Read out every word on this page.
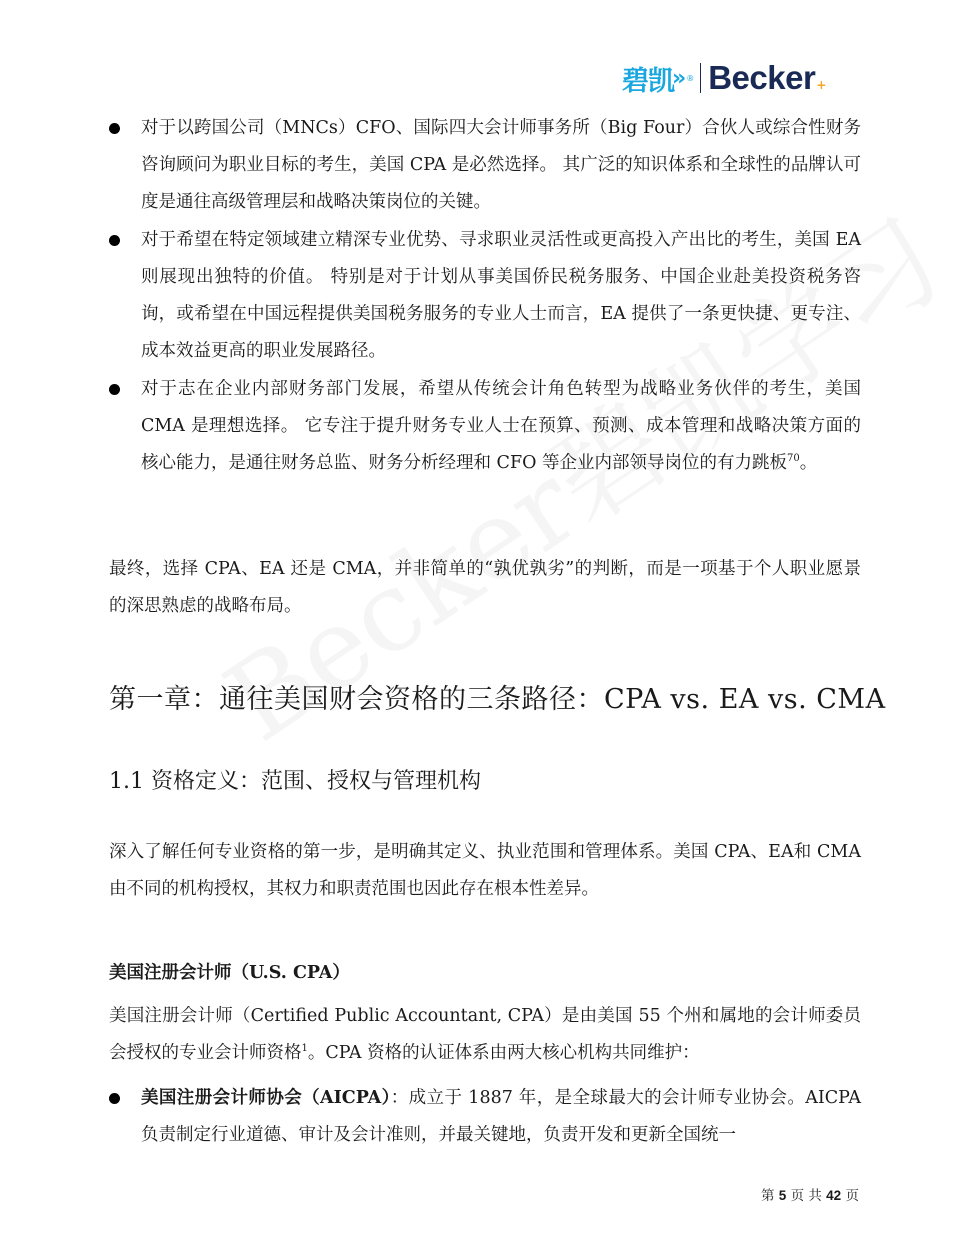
碧凯
» ® Becker +
对于以跨国公司（MNCs）CFO、国际四大会计师事务所（Big Four）合伙人或综合性财务咨询顾问为职业目标的考生，美国 CPA 是必然选择。 其广泛的知识体系和全球性的品牌认可度是通往高级管理层和战略决策岗位的关键。
对于希望在特定领域建立精深专业优势、寻求职业灵活性或更高投入产出比的考生，美国 EA 则展现出独特的价值。 特别是对于计划从事美国侨民税务服务、中国企业赴美投资税务咨询，或希望在中国远程提供美国税务服务的专业人士而言，EA 提供了一条更快捷、更专注、成本效益更高的职业发展路径。
对于志在企业内部财务部门发展，希望从传统会计角色转型为战略业务伙伴的考生，美国 CMA 是理想选择。 它专注于提升财务专业人士在预算、预测、成本管理和战略决策方面的核心能力，是通往财务总监、财务分析经理和 CFO 等企业内部领导岗位的有力跳板$^{70}$。
最终，选择 CPA、EA 还是 CMA，并非简单的“孰优孰劣”的判断，而是一项基于个人职业愿景的深思熟虑的战略布局。
第一章：通往美国财会资格的三条路径：CPA vs. EA vs. CMA
1.1 资格定义：范围、授权与管理机构
深入了解任何专业资格的第一步，是明确其定义、执业范围和管理体系。美国 CPA、EA和 CMA 由不同的机构授权，其权力和职责范围也因此存在根本性差异。
美国注册会计师（U.S. CPA）
美国注册会计师（Certified Public Accountant, CPA）是由美国 55 个州和属地的会计师委员会授权的专业会计师资格$^1$。CPA 资格的认证体系由两大核心机构共同维护：
美国注册会计师协会（AICPA）：成立于 1887 年，是全球最大的会计师专业协会。AICPA 负责制定行业道德、审计及会计准则，并最关键地，负责开发和更新全国统一
第 5 页 共 42 页
